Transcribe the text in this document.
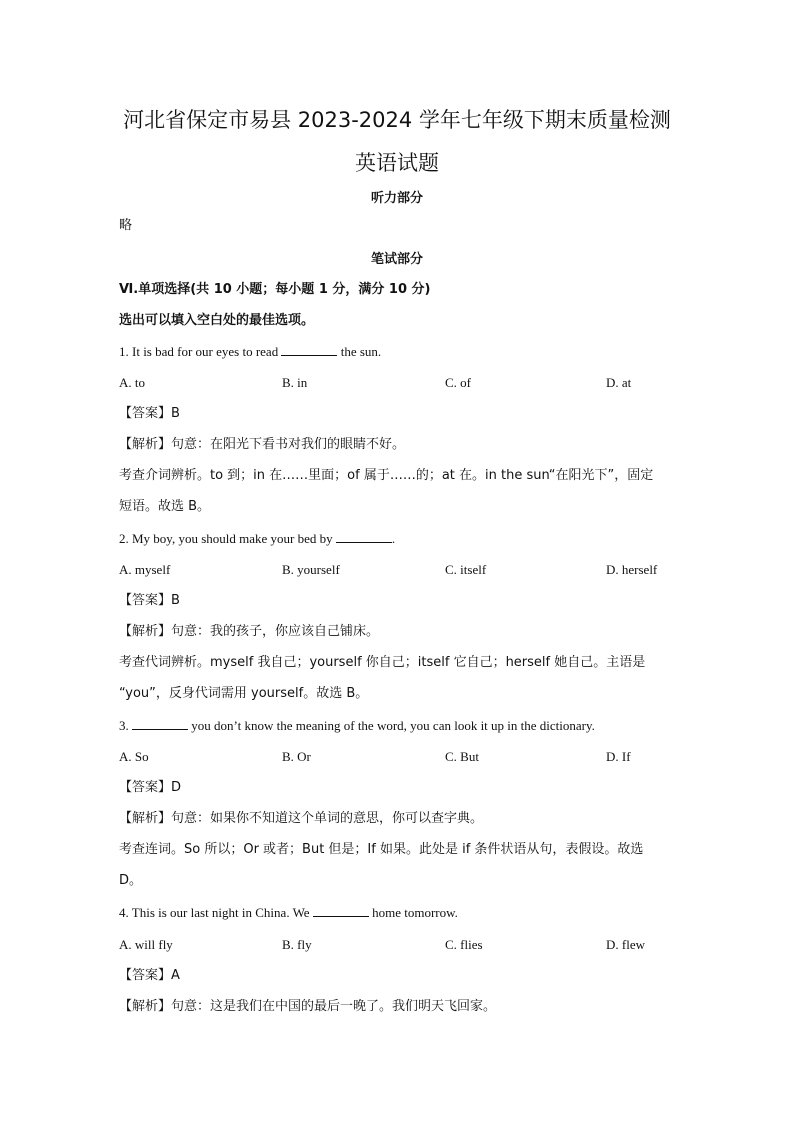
河北省保定市易县 2023-2024 学年七年级下期末质量检测
英语试题
听力部分
略
笔试部分
Ⅵ.单项选择(共 10 小题；每小题 1 分，满分 10 分)
选出可以填入空白处的最佳选项。
1. It is bad for our eyes to read	the sun.
A. to	B. in	C. of	D. at
【答案】B
【解析】句意：在阳光下看书对我们的眼睛不好。
考查介词辨析。to 到；in 在……里面；of 属于……的；at 在。in the sun“在阳光下”，固定
短语。故选 B。
2. My boy, you should make your bed by	.
A. myself	B. yourself	C. itself	D. herself
【答案】B
【解析】句意：我的孩子，你应该自己铺床。
考查代词辨析。myself 我自己；yourself 你自己；itself 它自己；herself 她自己。主语是
“you”，反身代词需用 yourself。故选 B。
3.	you don’t know the meaning of the word, you can look it up in the dictionary.
A. So	B. Or	C. But	D. If
【答案】D
【解析】句意：如果你不知道这个单词的意思，你可以查字典。
考查连词。So 所以；Or 或者；But 但是；If 如果。此处是 if 条件状语从句，表假设。故选
D。
4. This is our last night in China. We	home tomorrow.
A. will fly	B. fly	C. flies	D. flew
【答案】A
【解析】句意：这是我们在中国的最后一晚了。我们明天飞回家。
